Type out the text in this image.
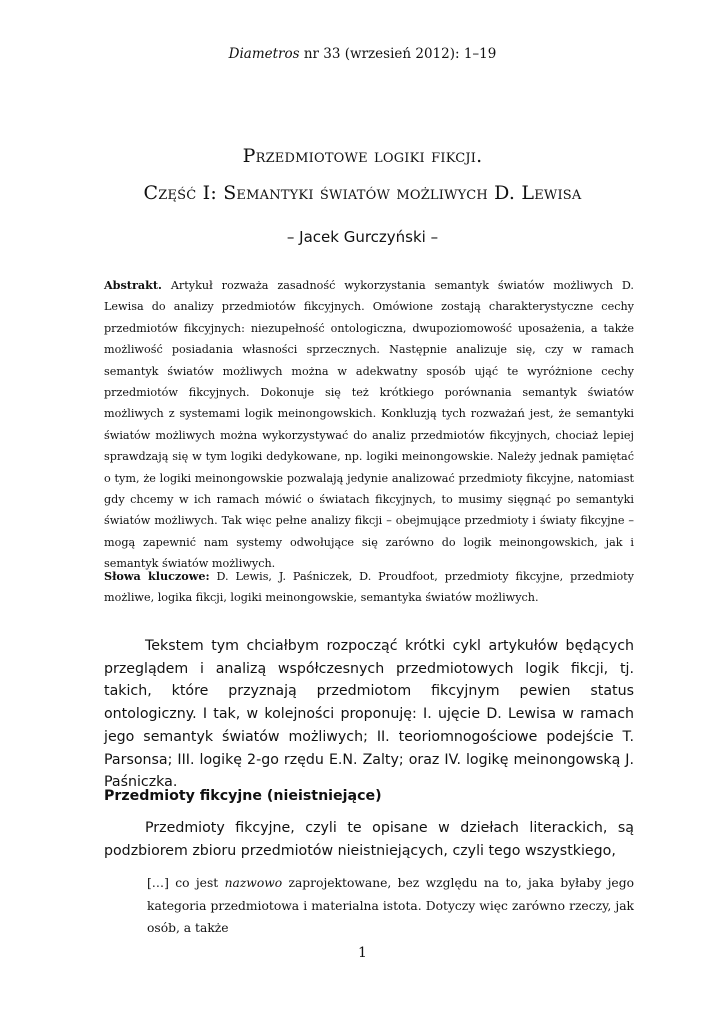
Diametros nr 33 (wrzesień 2012): 1–19
Przedmiotowe logiki fikcji.
Część I: Semantyki światów możliwych D. Lewisa
– Jacek Gurczyński –
Abstrakt. Artykuł rozważa zasadność wykorzystania semantyk światów możliwych D. Lewisa do analizy przedmiotów fikcyjnych. Omówione zostają charakterystyczne cechy przedmiotów fikcyjnych: niezupełność ontologiczna, dwupoziomowość uposażenia, a także możliwość posiadania własności sprzecznych. Następnie analizuje się, czy w ramach semantyk światów możliwych można w adekwatny sposób ująć te wyróżnione cechy przedmiotów fikcyjnych. Dokonuje się też krótkiego porównania semantyk światów możliwych z systemami logik meinongowskich. Konkluzją tych rozważań jest, że semantyki światów możliwych można wykorzystywać do analiz przedmiotów fikcyjnych, chociaż lepiej sprawdzają się w tym logiki dedykowane, np. logiki meinongowskie. Należy jednak pamiętać o tym, że logiki meinongowskie pozwalają jedynie analizować przedmioty fikcyjne, natomiast gdy chcemy w ich ramach mówić o światach fikcyjnych, to musimy sięgnąć po semantyki światów możliwych. Tak więc pełne analizy fikcji – obejmujące przedmioty i światy fikcyjne – mogą zapewnić nam systemy odwołujące się zarówno do logik meinongowskich, jak i semantyk światów możliwych.
Słowa kluczowe: D. Lewis, J. Paśniczek, D. Proudfoot, przedmioty fikcyjne, przedmioty możliwe, logika fikcji, logiki meinongowskie, semantyka światów możliwych.
Tekstem tym chciałbym rozpocząć krótki cykl artykułów będących przeglądem i analizą współczesnych przedmiotowych logik fikcji, tj. takich, które przyznają przedmiotom fikcyjnym pewien status ontologiczny. I tak, w kolejności proponuję: I. ujęcie D. Lewisa w ramach jego semantyk światów możliwych; II. teoriomnogościowe podejście T. Parsonsa; III. logikę 2-go rzędu E.N. Zalty; oraz IV. logikę meinongowską J. Paśniczka.
Przedmioty fikcyjne (nieistniejące)
Przedmioty fikcyjne, czyli te opisane w dziełach literackich, są podzbiorem zbioru przedmiotów nieistniejących, czyli tego wszystkiego,
[…] co jest nazwowo zaprojektowane, bez względu na to, jaka byłaby jego kategoria przedmiotowa i materialna istota. Dotyczy więc zarówno rzeczy, jak osób, a także
1
